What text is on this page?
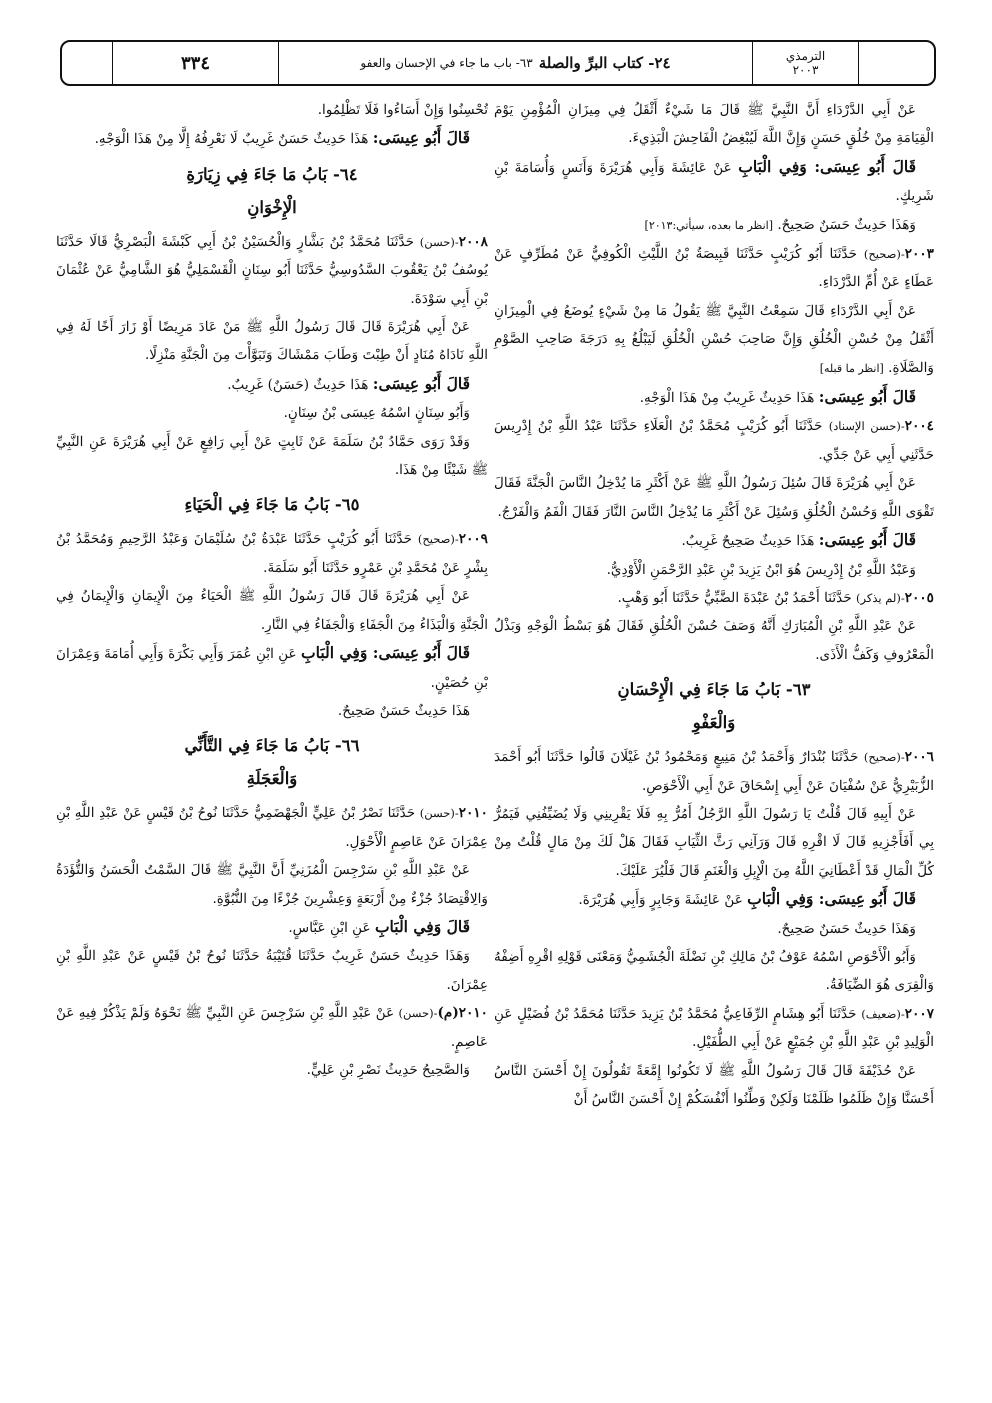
الترمذي
٢٠٠٣
٢٤- كتاب البرِّ والصلة
٦٣- باب ما جاء في الإحسان والعفو
٣٣٤

عَنْ أَبِي الدَّرْدَاءِ أَنَّ النَّبِيَّ ﷺ قَالَ مَا شَيْءٌ أَثْقَلُ فِي مِيزَانِ الْمُؤْمِنِ يَوْمَ الْقِيَامَةِ مِنْ خُلُقٍ حَسَنٍ وَإِنَّ اللَّهَ لَيُبْغِضُ الْفَاحِشَ الْبَذِيءَ.

قَالَ أَبُو عِيسَى: وَفِي الْبَابِ عَنْ عَائِشَةَ وَأَبِي هُرَيْرَةَ وَأَنَسٍ وَأُسَامَةَ بْنِ شَرِيكٍ.

وَهَذَا حَدِيثٌ حَسَنٌ صَحِيحٌ. [انظر ما بعده، سيأتي:٢٠١٣]

٢٠٠٣-(صحيح) حَدَّثَنَا أَبُو كُرَيْبٍ حَدَّثَنَا قَبِيصَةُ بْنُ اللَّيْثِ الْكُوفِيُّ عَنْ مُطَرِّفٍ عَنْ عَطَاءٍ عَنْ أُمِّ الدَّرْدَاءِ.

عَنْ أَبِي الدَّرْدَاءِ قَالَ سَمِعْتُ النَّبِيَّ ﷺ يَقُولُ مَا مِنْ شَيْءٍ يُوضَعُ فِي الْمِيزَانِ أَثْقَلُ مِنْ حُسْنِ الْخُلُقِ وَإِنَّ صَاحِبَ حُسْنِ الْخُلُقِ لَيَبْلُغُ بِهِ دَرَجَةَ صَاحِبِ الصَّوْمِ وَالصَّلَاةِ. [انظر ما قبله]

قَالَ أَبُو عِيسَى: هَذَا حَدِيثٌ غَرِيبٌ مِنْ هَذَا الْوَجْهِ.

٢٠٠٤-(حسن الإسناد) حَدَّثَنَا أَبُو كُرَيْبٍ مُحَمَّدُ بْنُ الْعَلَاءِ حَدَّثَنَا عَبْدُ اللَّهِ بْنُ إِدْرِيسَ حَدَّثَنِي أَبِي عَنْ جَدِّي.

عَنْ أَبِي هُرَيْرَةَ قَالَ سُئِلَ رَسُولُ اللَّهِ ﷺ عَنْ أَكْثَرِ مَا يُدْخِلُ النَّاسَ الْجَنَّةَ فَقَالَ تَقْوَى اللَّهِ وَحُسْنُ الْخُلُقِ وَسُئِلَ عَنْ أَكْثَرِ مَا يُدْخِلُ النَّاسَ النَّارَ فَقَالَ الْفَمُ وَالْفَرْجُ.

قَالَ أَبُو عِيسَى: هَذَا حَدِيثٌ صَحِيحٌ غَرِيبٌ.

وَعَبْدُ اللَّهِ بْنُ إِدْرِيسَ هُوَ ابْنُ يَزِيدَ بْنِ عَبْدِ الرَّحْمَنِ الْأَوْدِيُّ.

٢٠٠٥-(لم يذكر) حَدَّثَنَا أَحْمَدُ بْنُ عَبْدَةَ الضَّبِّيُّ حَدَّثَنَا أَبُو وَهْبٍ.

عَنْ عَبْدِ اللَّهِ بْنِ الْمُبَارَكِ أَنَّهُ وَصَفَ حُسْنَ الْخُلُقِ فَقَالَ هُوَ بَسْطُ الْوَجْهِ وَبَذْلُ الْمَعْرُوفِ وَكَفُّ الْأَذَى.

٦٣- بَابُ مَا جَاءَ فِي الْإِحْسَانِ
وَالْعَفْوِ

٢٠٠٦-(صحيح) حَدَّثَنَا بُنْدَارٌ وَأَحْمَدُ بْنُ مَنِيعٍ وَمَحْمُودُ بْنُ غَيْلَانَ قَالُوا حَدَّثَنَا أَبُو أَحْمَدَ الزُّبَيْرِيُّ عَنْ سُفْيَانَ عَنْ أَبِي إِسْحَاقَ عَنْ أَبِي الْأَحْوَصِ.

عَنْ أَبِيهِ قَالَ قُلْتُ يَا رَسُولَ اللَّهِ الرَّجُلُ أَمُرُّ بِهِ فَلَا يَقْرِينِي وَلَا يُضَيِّفُنِي فَيَمُرُّ بِي أَفَأَجْزِيهِ قَالَ لَا اقْرِهِ قَالَ وَرَآنِي رَثَّ الثِّيَابِ فَقَالَ هَلْ لَكَ مِنْ مَالٍ قُلْتُ مِنْ كُلِّ الْمَالِ قَدْ أَعْطَانِيَ اللَّهُ مِنَ الْإِبِلِ وَالْغَنَمِ قَالَ فَلْيُرَ عَلَيْكَ.

قَالَ أَبُو عِيسَى: وَفِي الْبَابِ عَنْ عَائِشَةَ وَجَابِرٍ وَأَبِي هُرَيْرَةَ.

وَهَذَا حَدِيثٌ حَسَنٌ صَحِيحٌ.

وَأَبُو الْأَحْوَصِ اسْمُهُ عَوْفُ بْنُ مَالِكِ بْنِ نَضْلَةَ الْجُشَمِيُّ وَمَعْنَى قَوْلِهِ اقْرِهِ أَضِفْهُ وَالْقِرَى هُوَ الضِّيَافَةُ.

٢٠٠٧-(ضعيف) حَدَّثَنَا أَبُو هِشَامٍ الرِّفَاعِيُّ مُحَمَّدُ بْنُ يَزِيدَ حَدَّثَنَا مُحَمَّدُ بْنُ فُضَيْلٍ عَنِ الْوَلِيدِ بْنِ عَبْدِ اللَّهِ بْنِ جُمَيْعٍ عَنْ أَبِي الطُّفَيْلِ.

عَنْ حُذَيْفَةَ قَالَ قَالَ رَسُولُ اللَّهِ ﷺ لَا تَكُونُوا إِمَّعَةً تَقُولُونَ إِنْ أَحْسَنَ النَّاسُ أَحْسَنَّا وَإِنْ ظَلَمُوا ظَلَمْنَا وَلَكِنْ وَطِّنُوا أَنْفُسَكُمْ إِنْ أَحْسَنَ النَّاسُ أَنْ

تُحْسِنُوا وَإِنْ أَسَاءُوا فَلَا تَظْلِمُوا.

قَالَ أَبُو عِيسَى: هَذَا حَدِيثٌ حَسَنٌ غَرِيبٌ لَا نَعْرِفُهُ إِلَّا مِنْ هَذَا الْوَجْهِ.

٦٤- بَابُ مَا جَاءَ فِي زِيَارَةِ
الْإِخْوَانِ

٢٠٠٨-(حسن) حَدَّثَنَا مُحَمَّدُ بْنُ بَشَّارٍ وَالْحُسَيْنُ بْنُ أَبِي كَبْشَةَ الْبَصْرِيُّ قَالَا حَدَّثَنَا يُوسُفُ بْنُ يَعْقُوبَ السَّدُوسِيُّ حَدَّثَنَا أَبُو سِنَانٍ الْقَسْمَلِيُّ هُوَ الشَّامِيُّ عَنْ عُثْمَانَ بْنِ أَبِي سَوْدَةَ.

عَنْ أَبِي هُرَيْرَةَ قَالَ قَالَ رَسُولُ اللَّهِ ﷺ مَنْ عَادَ مَرِيضًا أَوْ زَارَ أَخًا لَهُ فِي اللَّهِ نَادَاهُ مُنَادٍ أَنْ طِبْتَ وَطَابَ مَمْشَاكَ وَتَبَوَّأْتَ مِنَ الْجَنَّةِ مَنْزِلًا.

قَالَ أَبُو عِيسَى: هَذَا حَدِيثٌ (حَسَنٌ) غَرِيبٌ.

وَأَبُو سِنَانٍ اسْمُهُ عِيسَى بْنُ سِنَانٍ.

وَقَدْ رَوَى حَمَّادُ بْنُ سَلَمَةَ عَنْ ثَابِتٍ عَنْ أَبِي رَافِعٍ عَنْ أَبِي هُرَيْرَةَ عَنِ النَّبِيِّ ﷺ شَيْئًا مِنْ هَذَا.

٦٥- بَابُ مَا جَاءَ فِي الْحَيَاءِ

٢٠٠٩-(صحيح) حَدَّثَنَا أَبُو كُرَيْبٍ حَدَّثَنَا عَبْدَةُ بْنُ سُلَيْمَانَ وَعَبْدُ الرَّحِيمِ وَمُحَمَّدُ بْنُ بِشْرٍ عَنْ مُحَمَّدِ بْنِ عَمْرٍو حَدَّثَنَا أَبُو سَلَمَةَ.

عَنْ أَبِي هُرَيْرَةَ قَالَ قَالَ رَسُولُ اللَّهِ ﷺ الْحَيَاءُ مِنَ الْإِيمَانِ وَالْإِيمَانُ فِي الْجَنَّةِ وَالْبَذَاءُ مِنَ الْجَفَاءِ وَالْجَفَاءُ فِي النَّارِ.

قَالَ أَبُو عِيسَى: وَفِي الْبَابِ عَنِ ابْنِ عُمَرَ وَأَبِي بَكْرَةَ وَأَبِي أُمَامَةَ وَعِمْرَانَ بْنِ حُصَيْنٍ.

هَذَا حَدِيثٌ حَسَنٌ صَحِيحٌ.

٦٦- بَابُ مَا جَاءَ فِي التَّأَنِّي
وَالْعَجَلَةِ

٢٠١٠-(حسن) حَدَّثَنَا نَصْرُ بْنُ عَلِيٍّ الْجَهْضَمِيُّ حَدَّثَنَا نُوحُ بْنُ قَيْسٍ عَنْ عَبْدِ اللَّهِ بْنِ عِمْرَانَ عَنْ عَاصِمٍ الْأَحْوَلِ.

عَنْ عَبْدِ اللَّهِ بْنِ سَرْجِسَ الْمُزَنِيِّ أَنَّ النَّبِيَّ ﷺ قَالَ السَّمْتُ الْحَسَنُ وَالتُّؤَدَةُ وَالِاقْتِصَادُ جُزْءٌ مِنْ أَرْبَعَةٍ وَعِشْرِينَ جُزْءًا مِنَ النُّبُوَّةِ.

قَالَ وَفِي الْبَابِ عَنِ ابْنِ عَبَّاسٍ.

وَهَذَا حَدِيثٌ حَسَنٌ غَرِيبٌ حَدَّثَنَا قُتَيْبَةُ حَدَّثَنَا نُوحُ بْنُ قَيْسٍ عَنْ عَبْدِ اللَّهِ بْنِ عِمْرَانَ.

٢٠١٠(م)-(حسن) عَنْ عَبْدِ اللَّهِ بْنِ سَرْجِسَ عَنِ النَّبِيِّ ﷺ نَحْوَهُ وَلَمْ يَذْكُرْ فِيهِ عَنْ عَاصِمٍ.

وَالصَّحِيحُ حَدِيثُ نَصْرِ بْنِ عَلِيٍّ.
